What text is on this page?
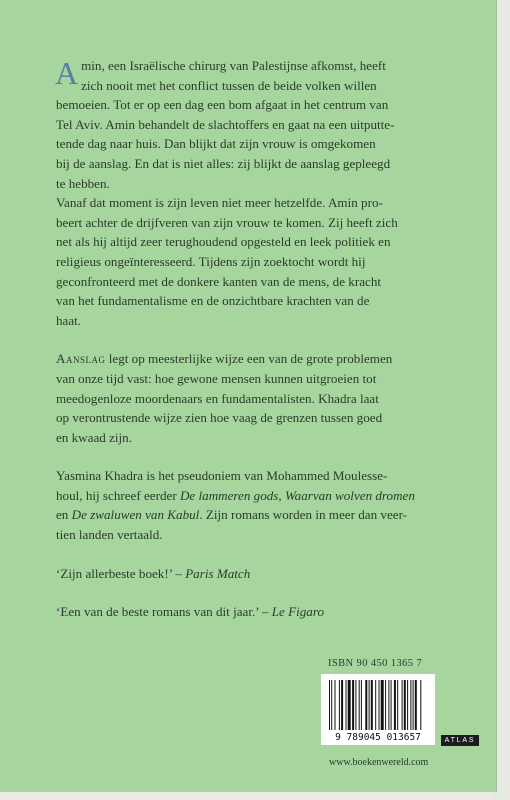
A min, een Israëlische chirurg van Palestijnse afkomst, heeft
zich nooit met het conflict tussen de beide volken willen
bemoeien. Tot er op een dag een bom afgaat in het centrum van
Tel Aviv. Amin behandelt de slachtoffers en gaat na een uitputte-
tende dag naar huis. Dan blijkt dat zijn vrouw is omgekomen
bij de aanslag. En dat is niet alles: zij blijkt de aanslag gepleegd
te hebben.
Vanaf dat moment is zijn leven niet meer hetzelfde. Amin pro-
beert achter de drijfveren van zijn vrouw te komen. Zij heeft zich
net als hij altijd zeer terughoudend opgesteld en leek politiek en
religieus ongeïnteresseerd. Tijdens zijn zoektocht wordt hij
geconfronteerd met de donkere kanten van de mens, de kracht
van het fundamentalisme en de onzichtbare krachten van de
haat.
Aanslag legt op meesterlijke wijze een van de grote problemen
van onze tijd vast: hoe gewone mensen kunnen uitgroeien tot
meedogenloze moordenaars en fundamentalisten. Khadra laat
op verontrustende wijze zien hoe vaag de grenzen tussen goed
en kwaad zijn.
Yasmina Khadra is het pseudoniem van Mohammed Moulesse-
houl, hij schreef eerder De lammeren gods, Waarvan wolven dromen
en De zwaluwen van Kabul. Zijn romans worden in meer dan veer-
tien landen vertaald.
‘Zijn allerbeste boek!’ – Paris Match
‘Een van de beste romans van dit jaar.’ – Le Figaro
ISBN 90 450 1365 7
9 789045 013657	ATLAS
www.boekenwereld.com
